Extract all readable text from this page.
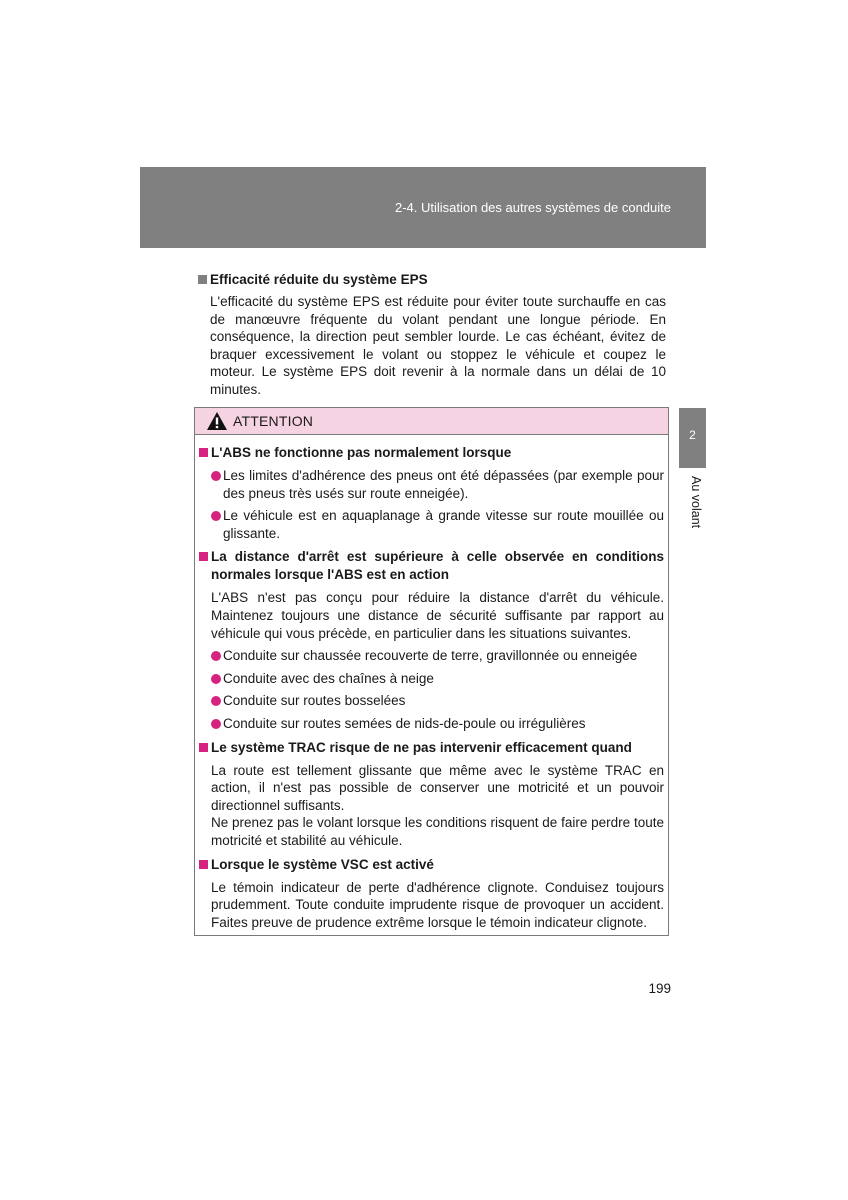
2-4. Utilisation des autres systèmes de conduite
2
Au volant
Efficacité réduite du système EPS
L'efficacité du système EPS est réduite pour éviter toute surchauffe en cas de manœuvre fréquente du volant pendant une longue période. En conséquence, la direction peut sembler lourde. Le cas échéant, évitez de braquer excessivement le volant ou stoppez le véhicule et coupez le moteur. Le système EPS doit revenir à la normale dans un délai de 10 minutes.
ATTENTION
L'ABS ne fonctionne pas normalement lorsque
Les limites d'adhérence des pneus ont été dépassées (par exemple pour des pneus très usés sur route enneigée).
Le véhicule est en aquaplanage à grande vitesse sur route mouillée ou glissante.
La distance d'arrêt est supérieure à celle observée en conditions normales lorsque l'ABS est en action
L'ABS n'est pas conçu pour réduire la distance d'arrêt du véhicule. Maintenez toujours une distance de sécurité suffisante par rapport au véhicule qui vous précède, en particulier dans les situations suivantes.
Conduite sur chaussée recouverte de terre, gravillonnée ou enneigée
Conduite avec des chaînes à neige
Conduite sur routes bosselées
Conduite sur routes semées de nids-de-poule ou irrégulières
Le système TRAC risque de ne pas intervenir efficacement quand
La route est tellement glissante que même avec le système TRAC en action, il n'est pas possible de conserver une motricité et un pouvoir directionnel suffisants.
Ne prenez pas le volant lorsque les conditions risquent de faire perdre toute motricité et stabilité au véhicule.
Lorsque le système VSC est activé
Le témoin indicateur de perte d'adhérence clignote. Conduisez toujours prudemment. Toute conduite imprudente risque de provoquer un accident. Faites preuve de prudence extrême lorsque le témoin indicateur clignote.
199
